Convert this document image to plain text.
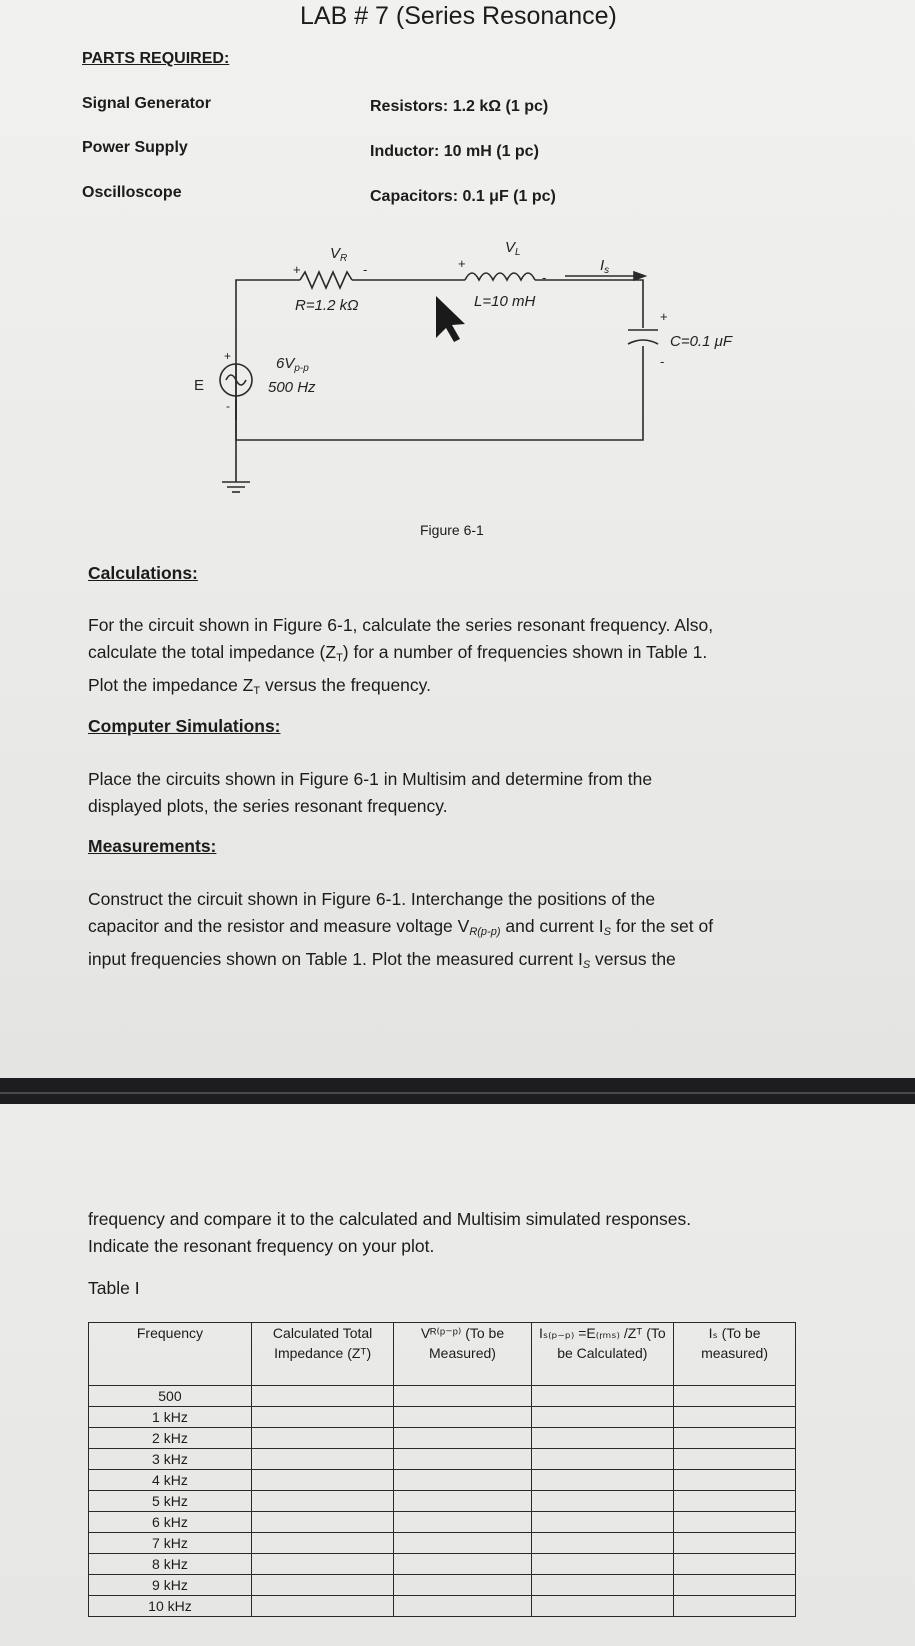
LAB # 7 (Series Resonance)
PARTS REQUIRED:
Signal Generator
Power Supply
Oscilloscope
Resistors: 1.2 kΩ (1 pc)
Inductor: 10 mH (1 pc)
Capacitors: 0.1 μF (1 pc)
$V_R$
+	-
R=1.2 kΩ
$V_L$
+
-
L=10 mH
$I_s$
+
-
C=0.1 μF
E
+
-
$6V_{p-p}$
500 Hz
Figure 6-1
Calculations:
For the circuit shown in Figure 6-1, calculate the series resonant frequency. Also,
calculate the total impedance $(Z_T)$ for a number of frequencies shown in Table 1.
Plot the impedance $Z_T$ versus the frequency.
Computer Simulations:
Place the circuits shown in Figure 6-1 in Multisim and determine from the
displayed plots, the series resonant frequency.
Measurements:
Construct the circuit shown in Figure 6-1. Interchange the positions of the
capacitor and the resistor and measure voltage $V_{R(p-p)}$ and current $I_S$ for the set of
input frequencies shown on Table 1. Plot the measured current $I_S$ versus the
frequency and compare it to the calculated and Multisim simulated responses.
Indicate the resonant frequency on your plot.
Table I
Frequency	Calculated Total Impedance (Zᵀ)	Vᴿ⁽ᵖ⁻ᵖ⁾ (To be Measured)	Iₛ₍ₚ₋ₚ₎ =E₍ᵣₘₛ₎ /Zᵀ (To be Calculated)	Iₛ (To be measured)
500				
1 kHz				
2 kHz				
3 kHz				
4 kHz				
5 kHz				
6 kHz				
7 kHz				
8 kHz				
9 kHz				
10 kHz				
